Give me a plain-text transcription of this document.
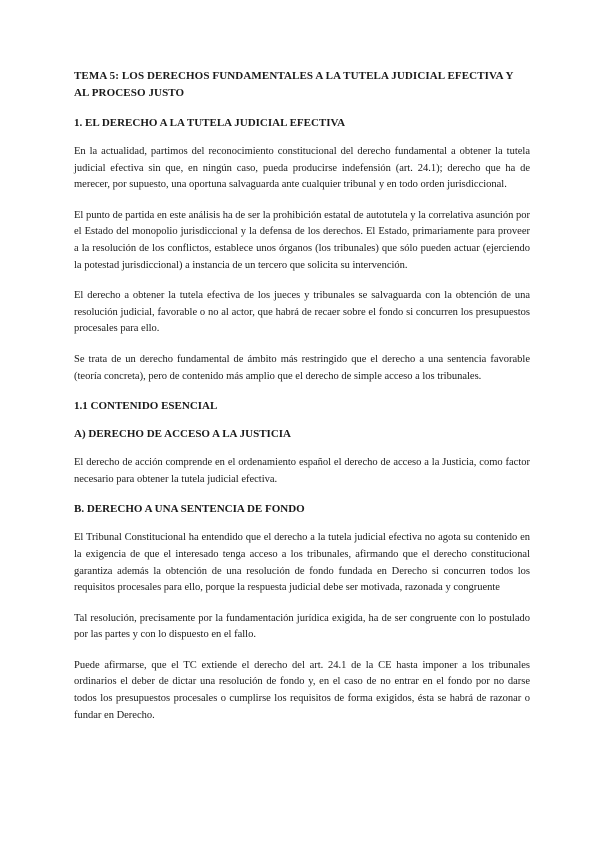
TEMA 5: LOS DERECHOS FUNDAMENTALES A LA TUTELA JUDICIAL EFECTIVA Y AL PROCESO JUSTO
1. EL DERECHO A LA TUTELA JUDICIAL EFECTIVA

En la actualidad, partimos del reconocimiento constitucional del derecho fundamental a obtener la tutela judicial efectiva sin que, en ningún caso, pueda producirse indefensión (art. 24.1); derecho que ha de merecer, por supuesto, una oportuna salvaguarda ante cualquier tribunal y en todo orden jurisdiccional.

El punto de partida en este análisis ha de ser la prohibición estatal de autotutela y la correlativa asunción por el Estado del monopolio jurisdiccional y la defensa de los derechos. El Estado, primariamente para proveer a la resolución de los conflictos, establece unos órganos (los tribunales) que sólo pueden actuar (ejerciendo la potestad jurisdiccional) a instancia de un tercero que solicita su intervención.

El derecho a obtener la tutela efectiva de los jueces y tribunales se salvaguarda con la obtención de una resolución judicial, favorable o no al actor, que habrá de recaer sobre el fondo si concurren los presupuestos procesales para ello.

Se trata de un derecho fundamental de ámbito más restringido que el derecho a una sentencia favorable (teoría concreta), pero de contenido más amplio que el derecho de simple acceso a los tribunales.

1.1 CONTENIDO ESENCIAL
A) DERECHO DE ACCESO A LA JUSTICIA

El derecho de acción comprende en el ordenamiento español el derecho de acceso a la Justicia, como factor necesario para obtener la tutela judicial efectiva.

B. DERECHO A UNA SENTENCIA DE FONDO

El Tribunal Constitucional ha entendido que el derecho a la tutela judicial efectiva no agota su contenido en la exigencia de que el interesado tenga acceso a los tribunales, afirmando que el derecho constitucional garantiza además la obtención de una resolución de fondo fundada en Derecho si concurren todos los requisitos procesales para ello, porque la respuesta judicial debe ser motivada, razonada y congruente

Tal resolución, precisamente por la fundamentación jurídica exigida, ha de ser congruente con lo postulado por las partes y con lo dispuesto en el fallo.

Puede afirmarse, que el TC extiende el derecho del art. 24.1 de la CE hasta imponer a los tribunales ordinarios el deber de dictar una resolución de fondo y, en el caso de no entrar en el fondo por no darse todos los presupuestos procesales o cumplirse los requisitos de forma exigidos, ésta se habrá de razonar o fundar en Derecho.
